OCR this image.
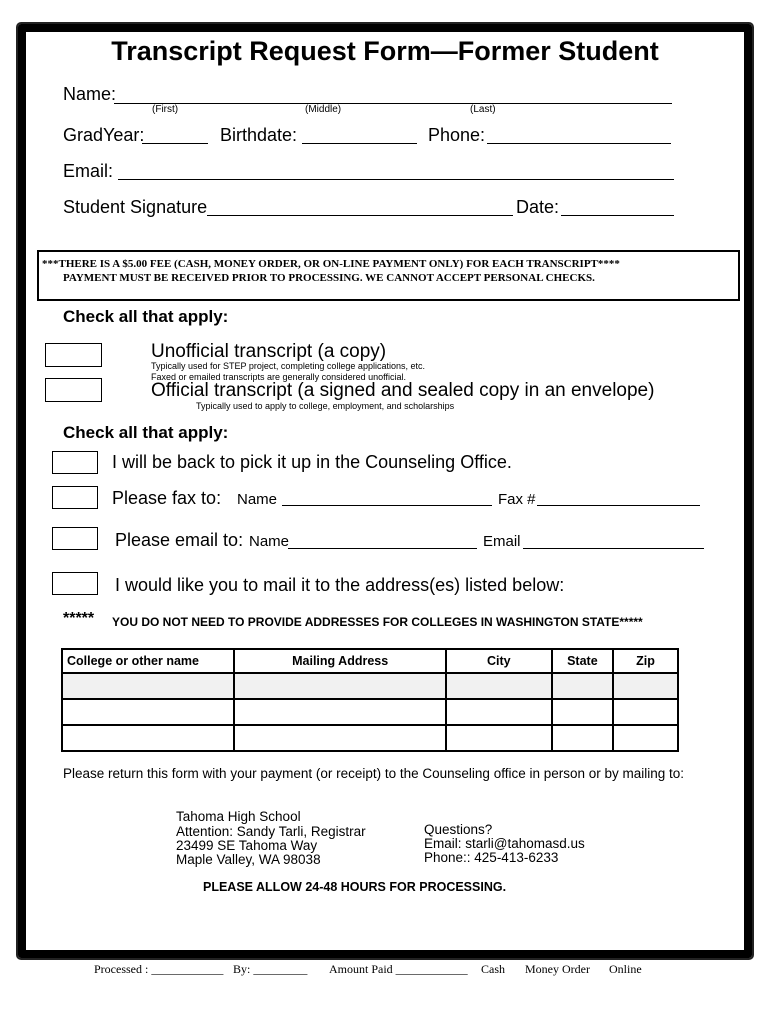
Transcript Request Form—Former Student
Name:
(First)	(Middle)	(Last)
GradYear:	Birthdate:	Phone:
Email:
Student Signature	Date:
***THERE IS A $5.00 FEE (CASH, MONEY ORDER, OR ON-LINE PAYMENT ONLY) FOR EACH TRANSCRIPT****
PAYMENT MUST BE RECEIVED PRIOR TO PROCESSING. WE CANNOT ACCEPT PERSONAL CHECKS.
Check all that apply:
Unofficial transcript (a copy)
Typically used for STEP project, completing college applications, etc.
Faxed or emailed transcripts are generally considered unofficial.
Official transcript (a signed and sealed copy in an envelope)
Typically used to apply to college, employment, and scholarships
Check all that apply:
I will be back to pick it up in the Counseling Office.
Please fax to: Name	Fax #
Please email to: Name	Email
I would like you to mail it to the address(es) listed below:
***** YOU DO NOT NEED TO PROVIDE ADDRESSES FOR COLLEGES IN WASHINGTON STATE*****
College or other name	Mailing Address	City	State	Zip

Please return this form with your payment (or receipt) to the Counseling office in person or by mailing to:
Tahoma High School
Attention: Sandy Tarli, Registrar
23499 SE Tahoma Way
Maple Valley, WA 98038
Questions?
Email: starli@tahomasd.us
Phone:: 425-413-6233
PLEASE ALLOW 24-48 HOURS FOR PROCESSING.
Processed : ____________ By: _________ Amount Paid ____________ Cash Money Order Online
